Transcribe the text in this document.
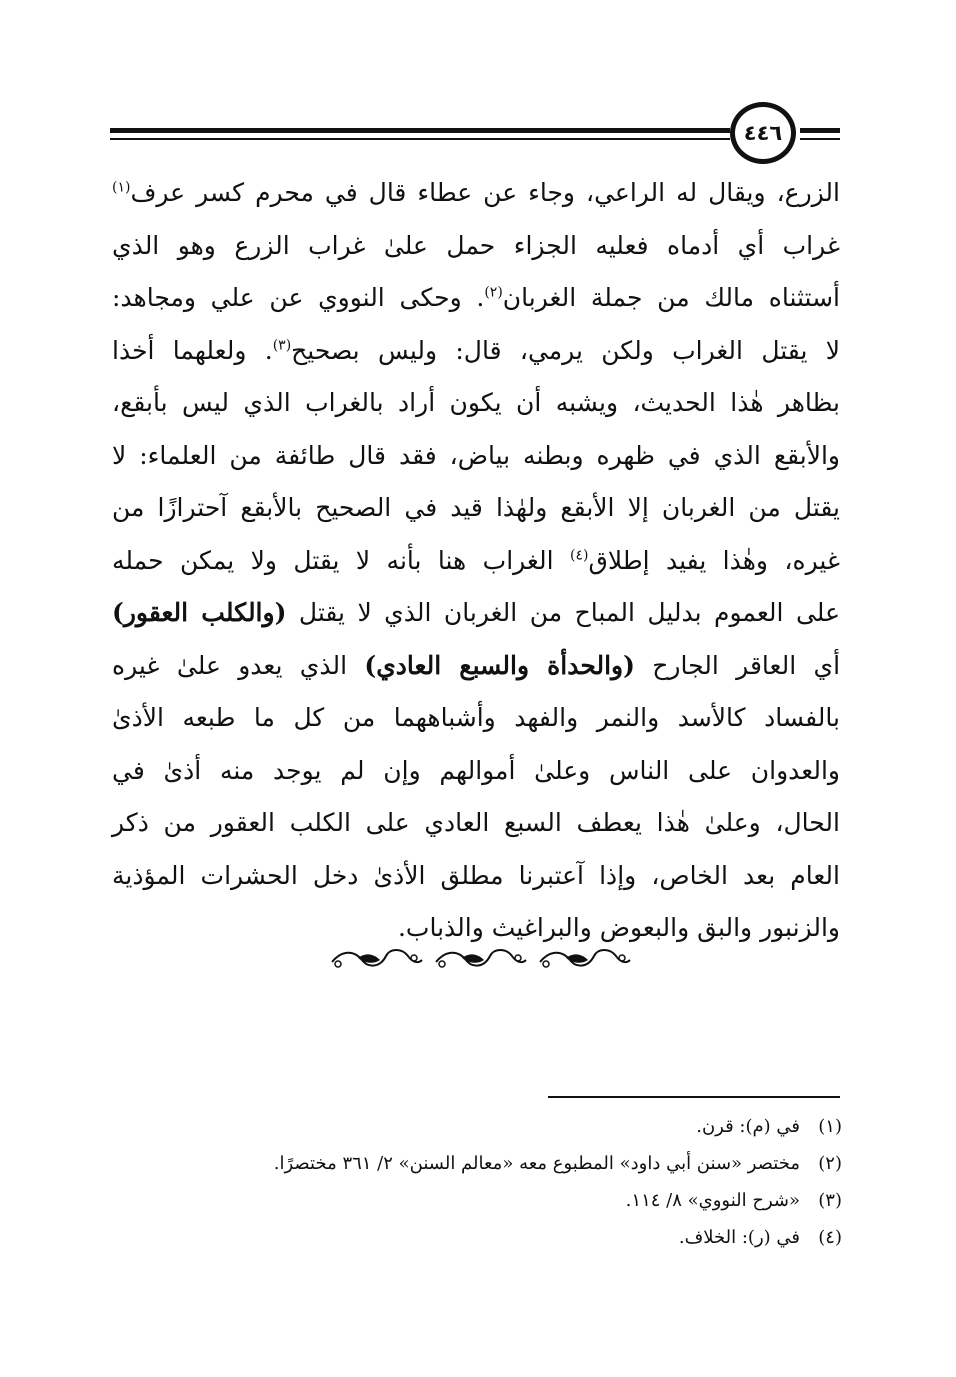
٤٤٦

الزرع، ويقال له الراعي، وجاء عن عطاء قال في محرم كسر عرف$^{(١)}$

غراب أي أدماه فعليه الجزاء حمل علىٰ غراب الزرع وهو الذي

أستثناه مالك من جملة الغربان$^{(٢)}$. وحكى النووي عن علي ومجاهد:

لا يقتل الغراب ولكن يرمي، قال: وليس بصحيح$^{(٣)}$. ولعلهما أخذا

بظاهر هٰذا الحديث، ويشبه أن يكون أراد بالغراب الذي ليس بأبقع،

والأبقع الذي في ظهره وبطنه بياض، فقد قال طائفة من العلماء: لا

يقتل من الغربان إلا الأبقع ولهٰذا قيد في الصحيح بالأبقع آحترازًا من

غيره، وهٰذا يفيد إطلاق$^{(٤)}$ الغراب هنا بأنه لا يقتل ولا يمكن حمله

على العموم بدليل المباح من الغربان الذي لا يقتل (والكلب العقور)

أي العاقر الجارح (والحدأة والسبع العادي) الذي يعدو علىٰ غيره

بالفساد كالأسد والنمر والفهد وأشباههما من كل ما طبعه الأذىٰ

والعدوان على الناس وعلىٰ أموالهم وإن لم يوجد منه أذىٰ في

الحال، وعلىٰ هٰذا يعطف السبع العادي على الكلب العقور من ذكر

العام بعد الخاص، وإذا آعتبرنا مطلق الأذىٰ دخل الحشرات المؤذية

والزنبور والبق والبعوض والبراغيث والذباب.

(١)في (م): قرن.
(٢)مختصر «سنن أبي داود» المطبوع معه «معالم السنن» ٢/ ٣٦١ مختصرًا.
(٣)«شرح النووي» ٨/ ١١٤.
(٤)في (ر): الخلاف.
